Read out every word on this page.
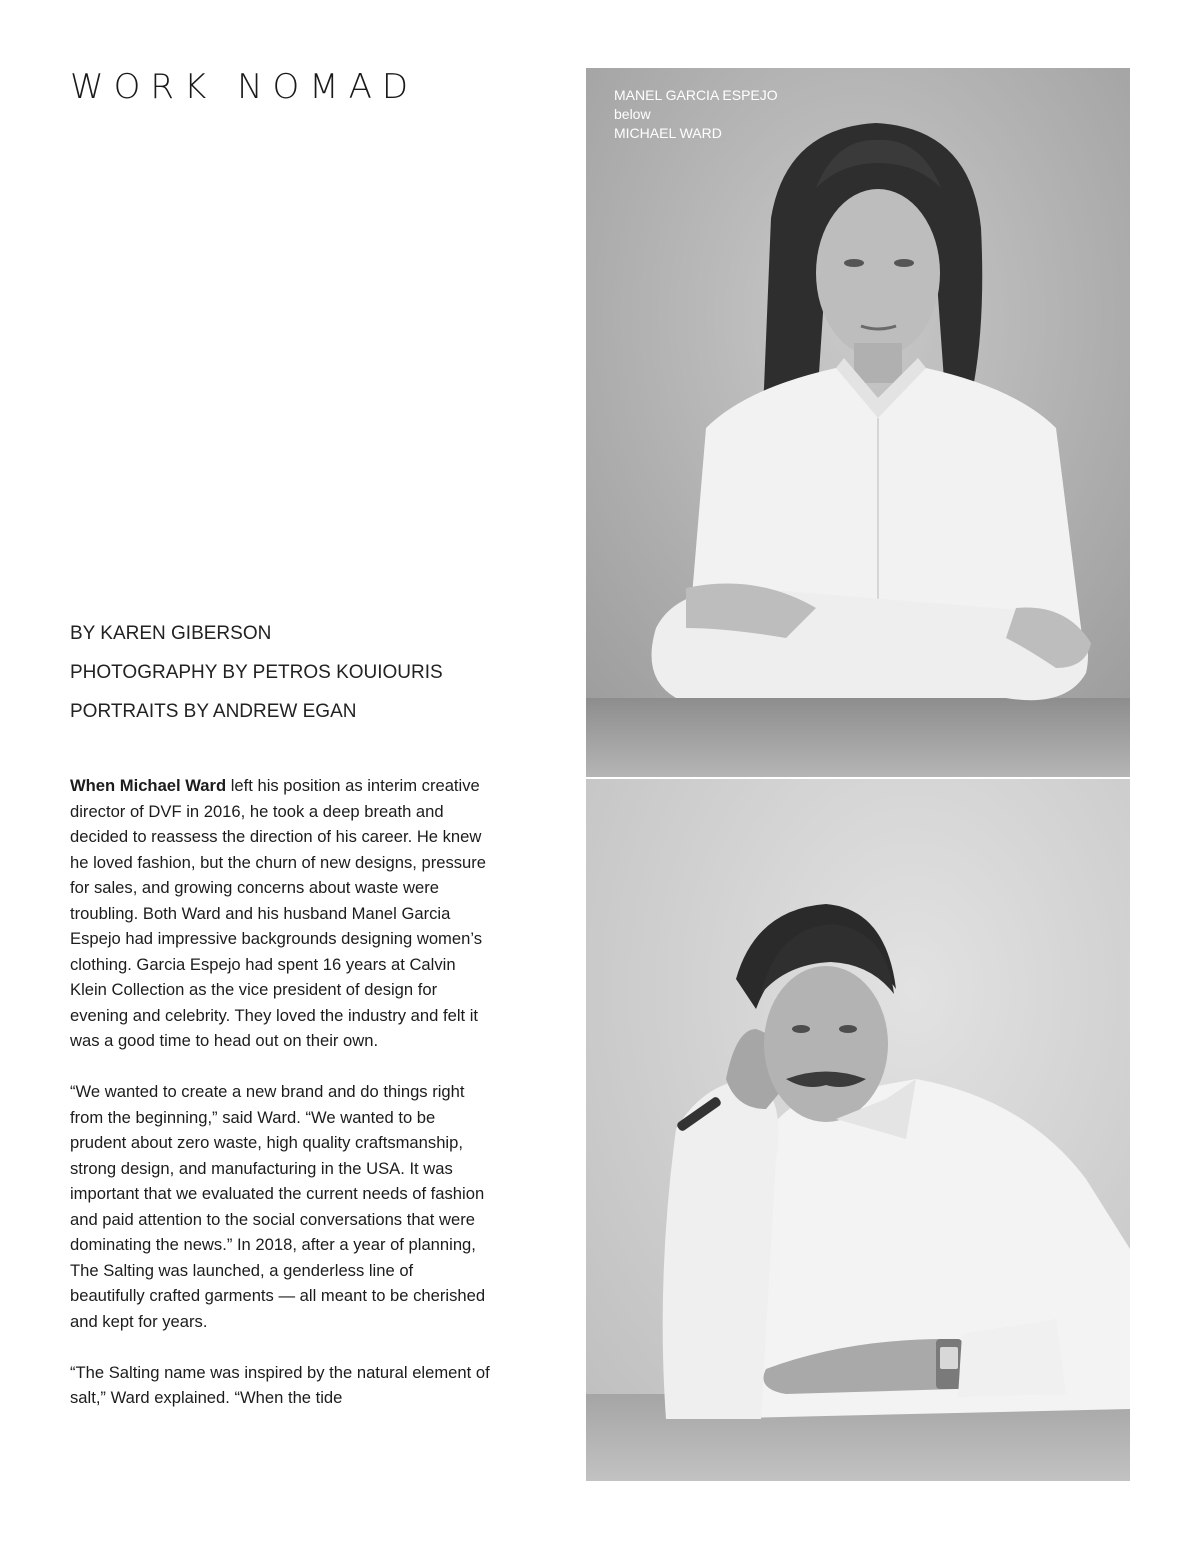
WORK NOMAD	MANEL GARCIA ESPEJO
below
MICHAEL WARD
BY KAREN GIBERSON
PHOTOGRAPHY BY PETROS KOUIOURIS
PORTRAITS BY ANDREW EGAN

When Michael Ward left his position as interim creative director of DVF in 2016, he took a deep breath and decided to reassess the direction of his career. He knew he loved fashion, but the churn of new designs, pressure for sales, and growing concerns about waste were troubling. Both Ward and his husband Manel Garcia Espejo had impressive backgrounds designing women’s clothing. Garcia Espejo had spent 16 years at Calvin Klein Collection as the vice president of design for evening and celebrity. They loved the industry and felt it was a good time to head out on their own.

“We wanted to create a new brand and do things right from the beginning,” said Ward. “We wanted to be prudent about zero waste, high quality craftsmanship, strong design, and manufacturing in the USA. It was important that we evaluated the current needs of fashion and paid attention to the social conversations that were dominating the news.” In 2018, after a year of planning, The Salting was launched, a genderless line of beautifully crafted garments — all meant to be cherished and kept for years.

“The Salting name was inspired by the natural element of salt,” Ward explained. “When the tide
